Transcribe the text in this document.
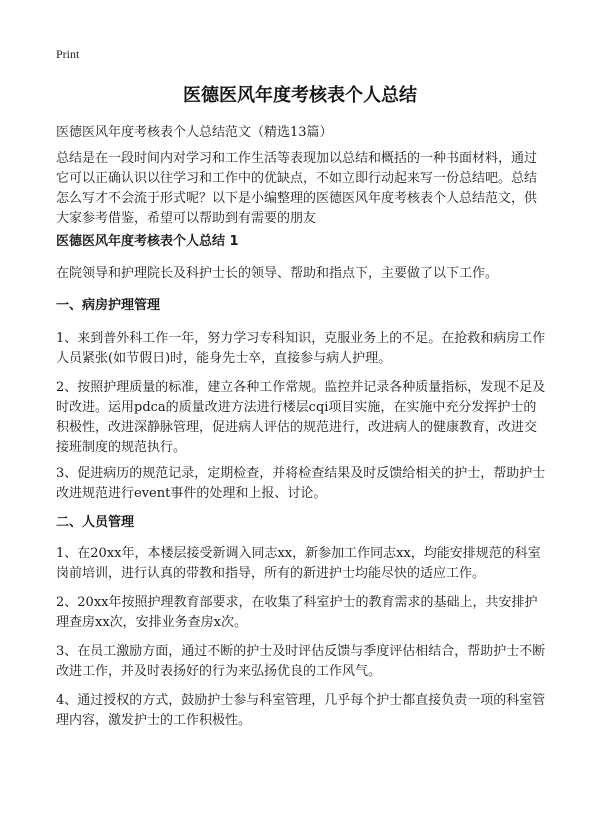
Print
医德医风年度考核表个人总结
医德医风年度考核表个人总结范文（精选13篇）

总结是在一段时间内对学习和工作生活等表现加以总结和概括的一种书面材料，通过它可以正确认识以往学习和工作中的优缺点，不如立即行动起来写一份总结吧。总结怎么写才不会流于形式呢？以下是小编整理的医德医风年度考核表个人总结范文，供大家参考借鉴，希望可以帮助到有需要的朋友

医德医风年度考核表个人总结 1
在院领导和护理院长及科护士长的领导、帮助和指点下，主要做了以下工作。
一、病房护理管理
1、来到普外科工作一年，努力学习专科知识，克服业务上的不足。在抢救和病房工作人员紧张(如节假日)时，能身先士卒，直接参与病人护理。
2、按照护理质量的标准，建立各种工作常规。监控并记录各种质量指标，发现不足及时改进。运用pdca的质量改进方法进行楼层cqi项目实施，在实施中充分发挥护士的积极性，改进深静脉管理，促进病人评估的规范进行，改进病人的健康教育，改进交接班制度的规范执行。
3、促进病历的规范记录，定期检查，并将检查结果及时反馈给相关的护士，帮助护士改进规范进行event事件的处理和上报、讨论。
二、人员管理
1、在20xx年，本楼层接受新调入同志xx，新参加工作同志xx，均能安排规范的科室岗前培训，进行认真的带教和指导，所有的新进护士均能尽快的适应工作。
2、20xx年按照护理教育部要求，在收集了科室护士的教育需求的基础上，共安排护理查房xx次，安排业务查房x次。
3、在员工激励方面，通过不断的护士及时评估反馈与季度评估相结合，帮助护士不断改进工作，并及时表扬好的行为来弘扬优良的工作风气。
4、通过授权的方式，鼓励护士参与科室管理，几乎每个护士都直接负责一项的科室管理内容，激发护士的工作积极性。
